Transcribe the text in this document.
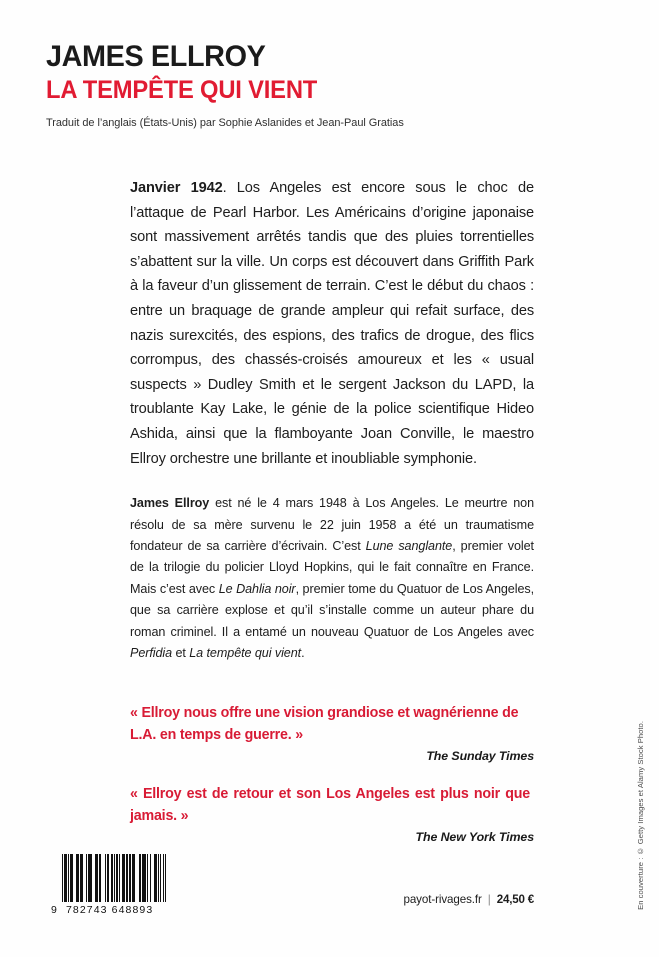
JAMES ELLROY
LA TEMPÊTE QUI VIENT
Traduit de l’anglais (États-Unis) par Sophie Aslanides et Jean-Paul Gratias

Janvier 1942. Los Angeles est encore sous le choc de l’attaque de Pearl Harbor. Les Américains d’origine japonaise sont massivement arrêtés tandis que des pluies torrentielles s’abattent sur la ville. Un corps est découvert dans Griffith Park à la faveur d’un glissement de terrain. C’est le début du chaos : entre un braquage de grande ampleur qui refait surface, des nazis surexcités, des espions, des trafics de drogue, des flics corrompus, des chassés-croisés amoureux et les « usual suspects » Dudley Smith et le sergent Jackson du LAPD, la troublante Kay Lake, le génie de la police scientifique Hideo Ashida, ainsi que la flamboyante Joan Conville, le maestro Ellroy orchestre une brillante et inoubliable symphonie.

James Ellroy est né le 4 mars 1948 à Los Angeles. Le meurtre non résolu de sa mère survenu le 22 juin 1958 a été un traumatisme fondateur de sa carrière d’écrivain. C’est Lune sanglante, premier volet de la trilogie du policier Lloyd Hopkins, qui le fait connaître en France. Mais c’est avec Le Dahlia noir, premier tome du Quatuor de Los Angeles, que sa carrière explose et qu’il s’installe comme un auteur phare du roman criminel. Il a entamé un nouveau Quatuor de Los Angeles avec Perfidia et La tempête qui vient.

« Ellroy nous offre une vision grandiose et wagnérienne de L.A. en temps de guerre. »

The Sunday Times

« Ellroy est de retour et son Los Angeles est plus noir que jamais. »

The New York Times
9  782743 648893
payot-rivages.fr | 24,50 €	En couverture : © Getty Images et Alamy Stock Photo.
